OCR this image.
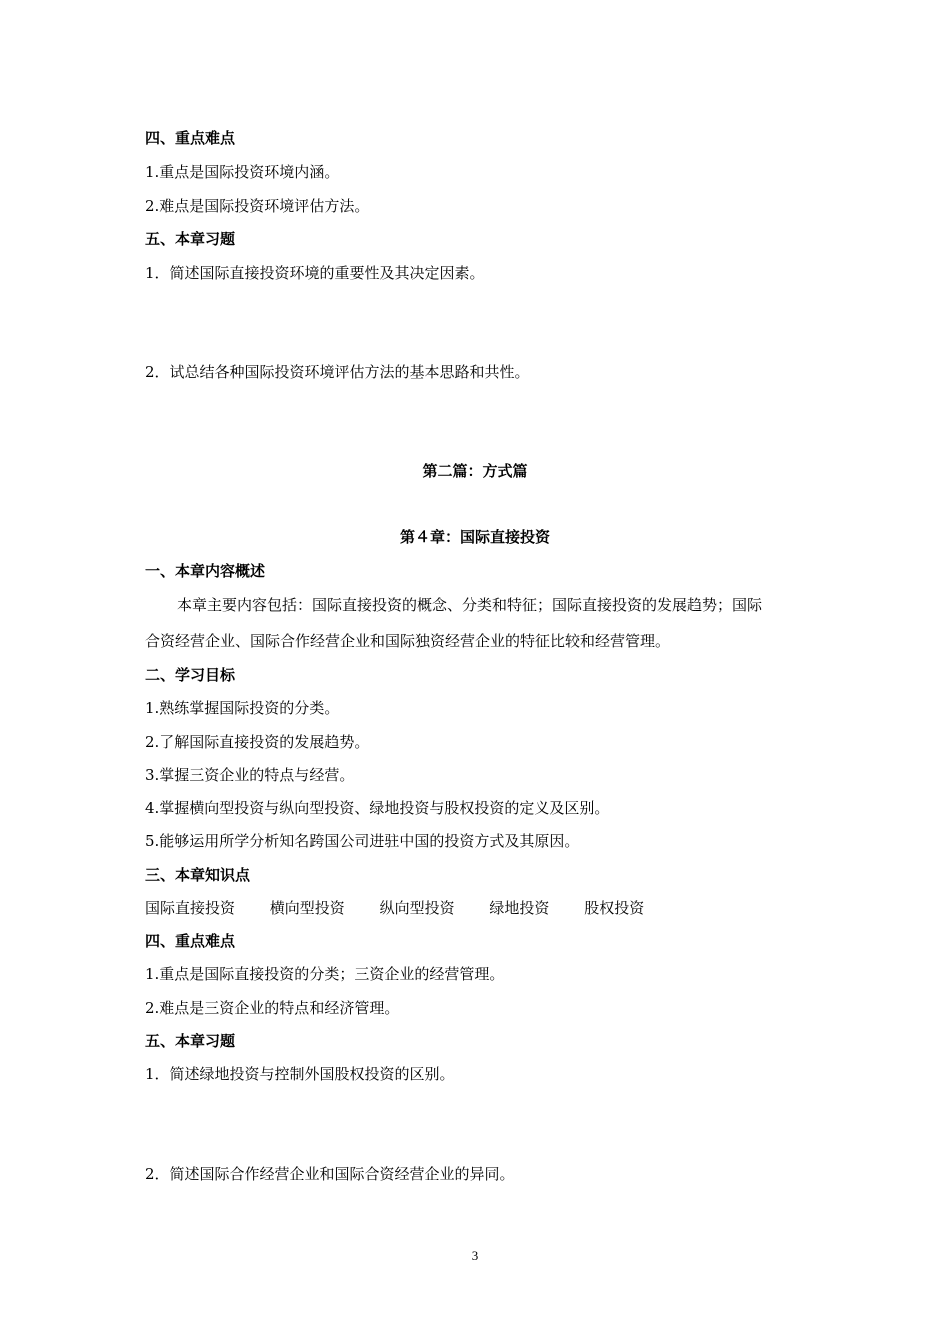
四、重点难点
1.重点是国际投资环境内涵。
2.难点是国际投资环境评估方法。
五、本章习题
1．简述国际直接投资环境的重要性及其决定因素。
2．试总结各种国际投资环境评估方法的基本思路和共性。
第二篇：方式篇
第４章：国际直接投资
一、本章内容概述
本章主要内容包括：国际直接投资的概念、分类和特征；国际直接投资的发展趋势；国际
合资经营企业、国际合作经营企业和国际独资经营企业的特征比较和经营管理。
二、学习目标
1.熟练掌握国际投资的分类。
2.了解国际直接投资的发展趋势。
3.掌握三资企业的特点与经营。
4.掌握横向型投资与纵向型投资、绿地投资与股权投资的定义及区别。
5.能够运用所学分析知名跨国公司进驻中国的投资方式及其原因。
三、本章知识点
国际直接投资 横向型投资 纵向型投资 绿地投资 股权投资
四、重点难点
1.重点是国际直接投资的分类；三资企业的经营管理。
2.难点是三资企业的特点和经济管理。
五、本章习题
1．简述绿地投资与控制外国股权投资的区别。
2．简述国际合作经营企业和国际合资经营企业的异同。
3
